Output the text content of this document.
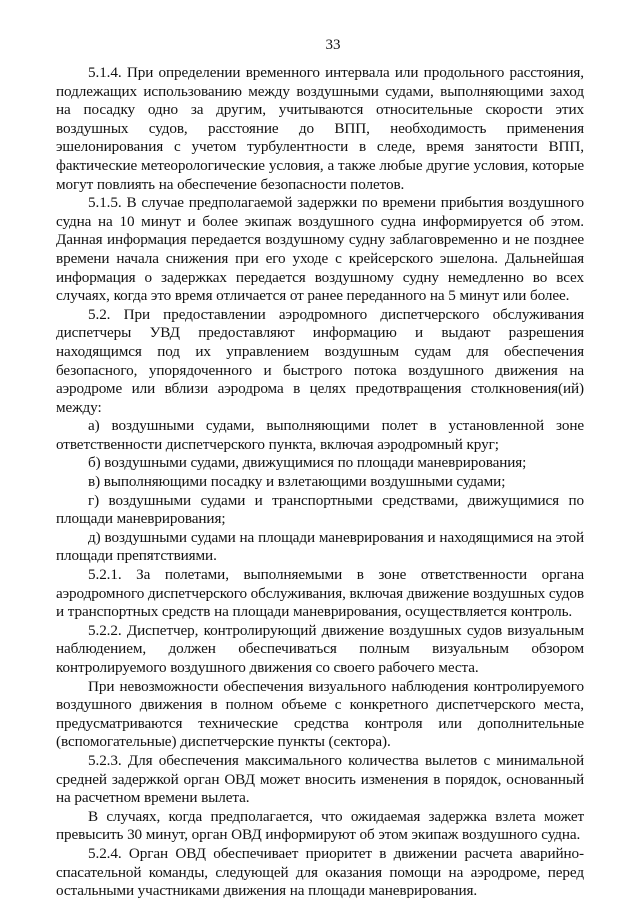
33

5.1.4. При определении временного интервала или продольного расстояния, подлежащих использованию между воздушными судами, выполняющими заход на посадку одно за другим, учитываются относительные скорости этих воздушных судов, расстояние до ВПП, необходимость применения эшелонирования с учетом турбулентности в следе, время занятости ВПП, фактические метеорологические условия, а также любые другие условия, которые могут повлиять на обеспечение безопасности полетов.

5.1.5. В случае предполагаемой задержки по времени прибытия воздушного судна на 10 минут и более экипаж воздушного судна информируется об этом. Данная информация передается воздушному судну заблаговременно и не позднее времени начала снижения при его уходе с крейсерского эшелона. Дальнейшая информация о задержках передается воздушному судну немедленно во всех случаях, когда это время отличается от ранее переданного на 5 минут или более.

5.2. При предоставлении аэродромного диспетчерского обслуживания диспетчеры УВД предоставляют информацию и выдают разрешения находящимся под их управлением воздушным судам для обеспечения безопасного, упорядоченного и быстрого потока воздушного движения на аэродроме или вблизи аэродрома в целях предотвращения столкновения(ий) между:

а) воздушными судами, выполняющими полет в установленной зоне ответственности диспетчерского пункта, включая аэродромный круг;

б) воздушными судами, движущимися по площади маневрирования;

в) выполняющими посадку и взлетающими воздушными судами;

г) воздушными судами и транспортными средствами, движущимися по площади маневрирования;

д) воздушными судами на площади маневрирования и находящимися на этой площади препятствиями.

5.2.1. За полетами, выполняемыми в зоне ответственности органа аэродромного диспетчерского обслуживания, включая движение воздушных судов и транспортных средств на площади маневрирования, осуществляется контроль.

5.2.2. Диспетчер, контролирующий движение воздушных судов визуальным наблюдением, должен обеспечиваться полным визуальным обзором контролируемого воздушного движения со своего рабочего места.

При невозможности обеспечения визуального наблюдения контролируемого воздушного движения в полном объеме с конкретного диспетчерского места, предусматриваются технические средства контроля или дополнительные (вспомогательные) диспетчерские пункты (сектора).

5.2.3. Для обеспечения максимального количества вылетов с минимальной средней задержкой орган ОВД может вносить изменения в порядок, основанный на расчетном времени вылета.

В случаях, когда предполагается, что ожидаемая задержка взлета может превысить 30 минут, орган ОВД информируют об этом экипаж воздушного судна.

5.2.4. Орган ОВД обеспечивает приоритет в движении расчета аварийно-спасательной команды, следующей для оказания помощи на аэродроме, перед остальными участниками движения на площади маневрирования.
